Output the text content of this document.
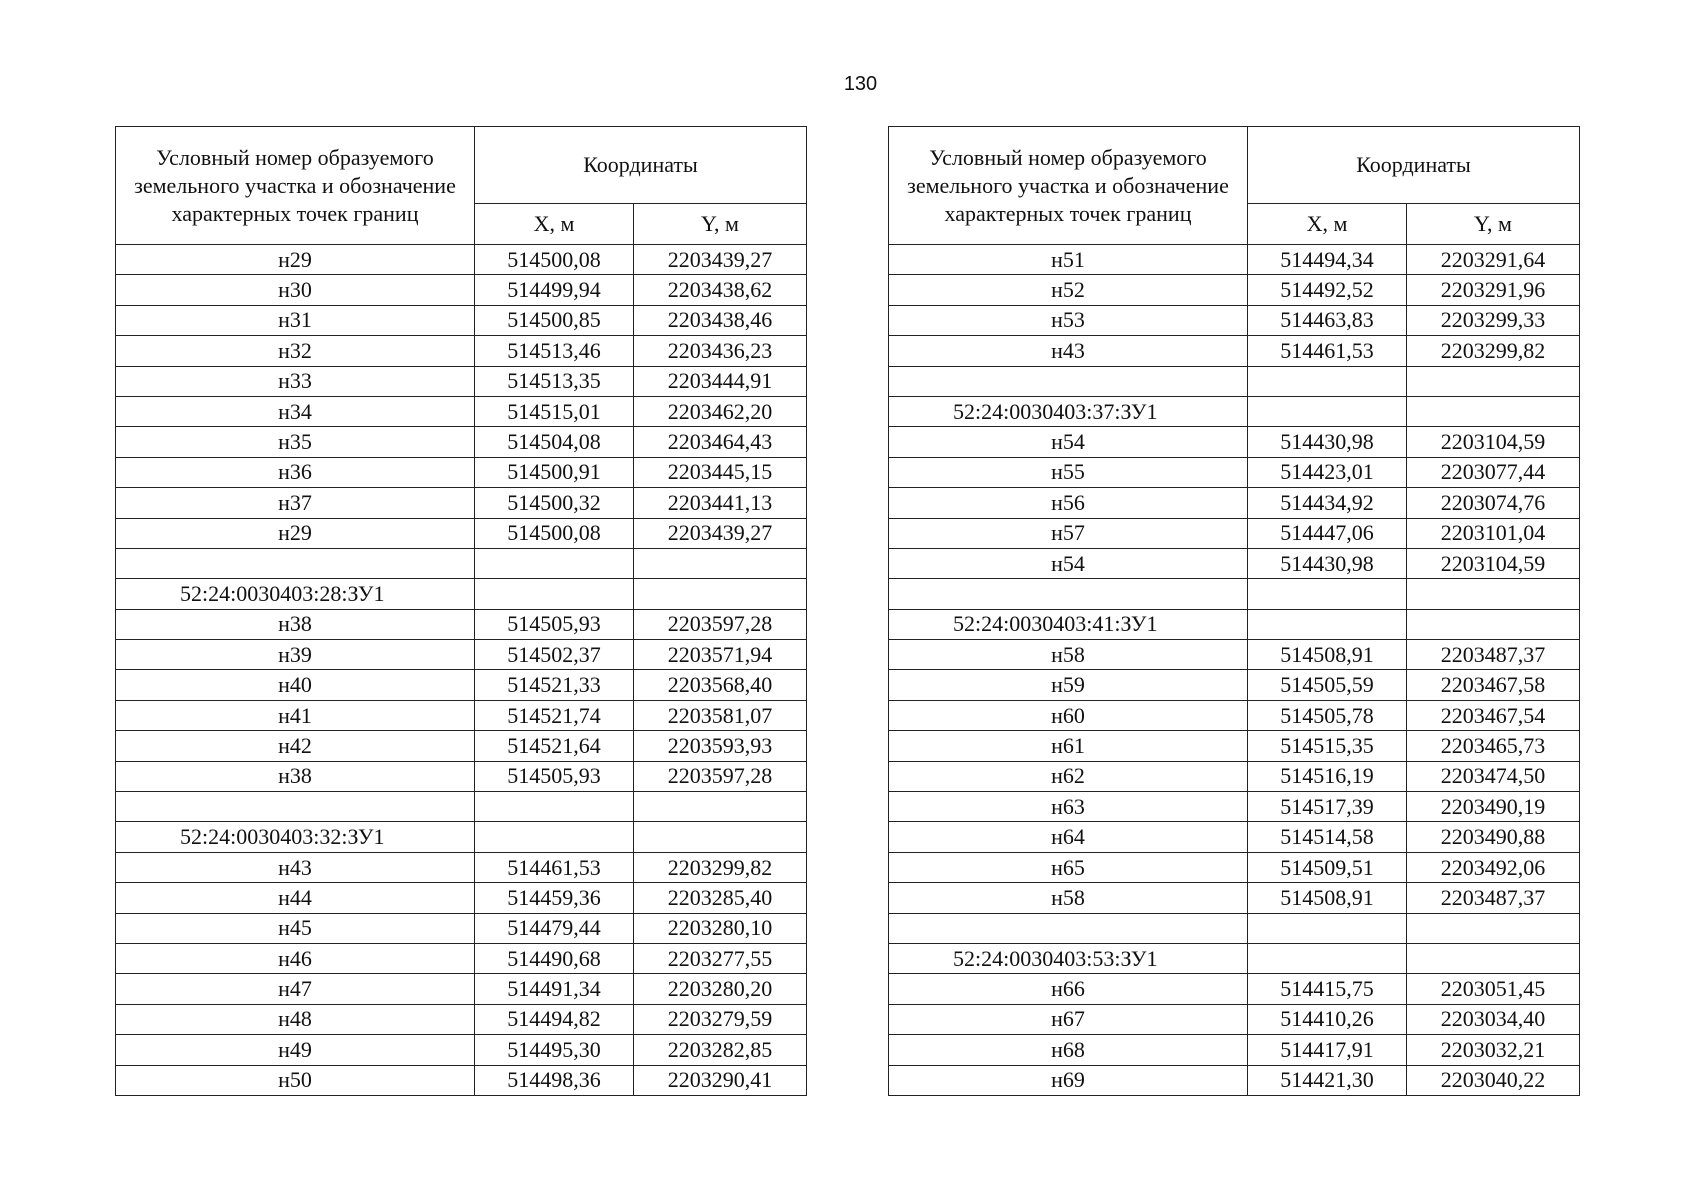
130
Условный номер образуемого земельного участка и обозначение характерных точек границ	Координаты	
	X, м	Y, м
н29	514500,08	2203439,27
н30	514499,94	2203438,62
н31	514500,85	2203438,46
н32	514513,46	2203436,23
н33	514513,35	2203444,91
н34	514515,01	2203462,20
н35	514504,08	2203464,43
н36	514500,91	2203445,15
н37	514500,32	2203441,13
н29	514500,08	2203439,27

52:24:0030403:28:ЗУ1		
н38	514505,93	2203597,28
н39	514502,37	2203571,94
н40	514521,33	2203568,40
н41	514521,74	2203581,07
н42	514521,64	2203593,93
н38	514505,93	2203597,28

52:24:0030403:32:ЗУ1		
н43	514461,53	2203299,82
н44	514459,36	2203285,40
н45	514479,44	2203280,10
н46	514490,68	2203277,55
н47	514491,34	2203280,20
н48	514494,82	2203279,59
н49	514495,30	2203282,85
н50	514498,36	2203290,41
Условный номер образуемого земельного участка и обозначение характерных точек границ	Координаты	
	X, м	Y, м
н51	514494,34	2203291,64
н52	514492,52	2203291,96
н53	514463,83	2203299,33
н43	514461,53	2203299,82

52:24:0030403:37:ЗУ1		
н54	514430,98	2203104,59
н55	514423,01	2203077,44
н56	514434,92	2203074,76
н57	514447,06	2203101,04
н54	514430,98	2203104,59

52:24:0030403:41:ЗУ1		
н58	514508,91	2203487,37
н59	514505,59	2203467,58
н60	514505,78	2203467,54
н61	514515,35	2203465,73
н62	514516,19	2203474,50
н63	514517,39	2203490,19
н64	514514,58	2203490,88
н65	514509,51	2203492,06
н58	514508,91	2203487,37

52:24:0030403:53:ЗУ1		
н66	514415,75	2203051,45
н67	514410,26	2203034,40
н68	514417,91	2203032,21
н69	514421,30	2203040,22
